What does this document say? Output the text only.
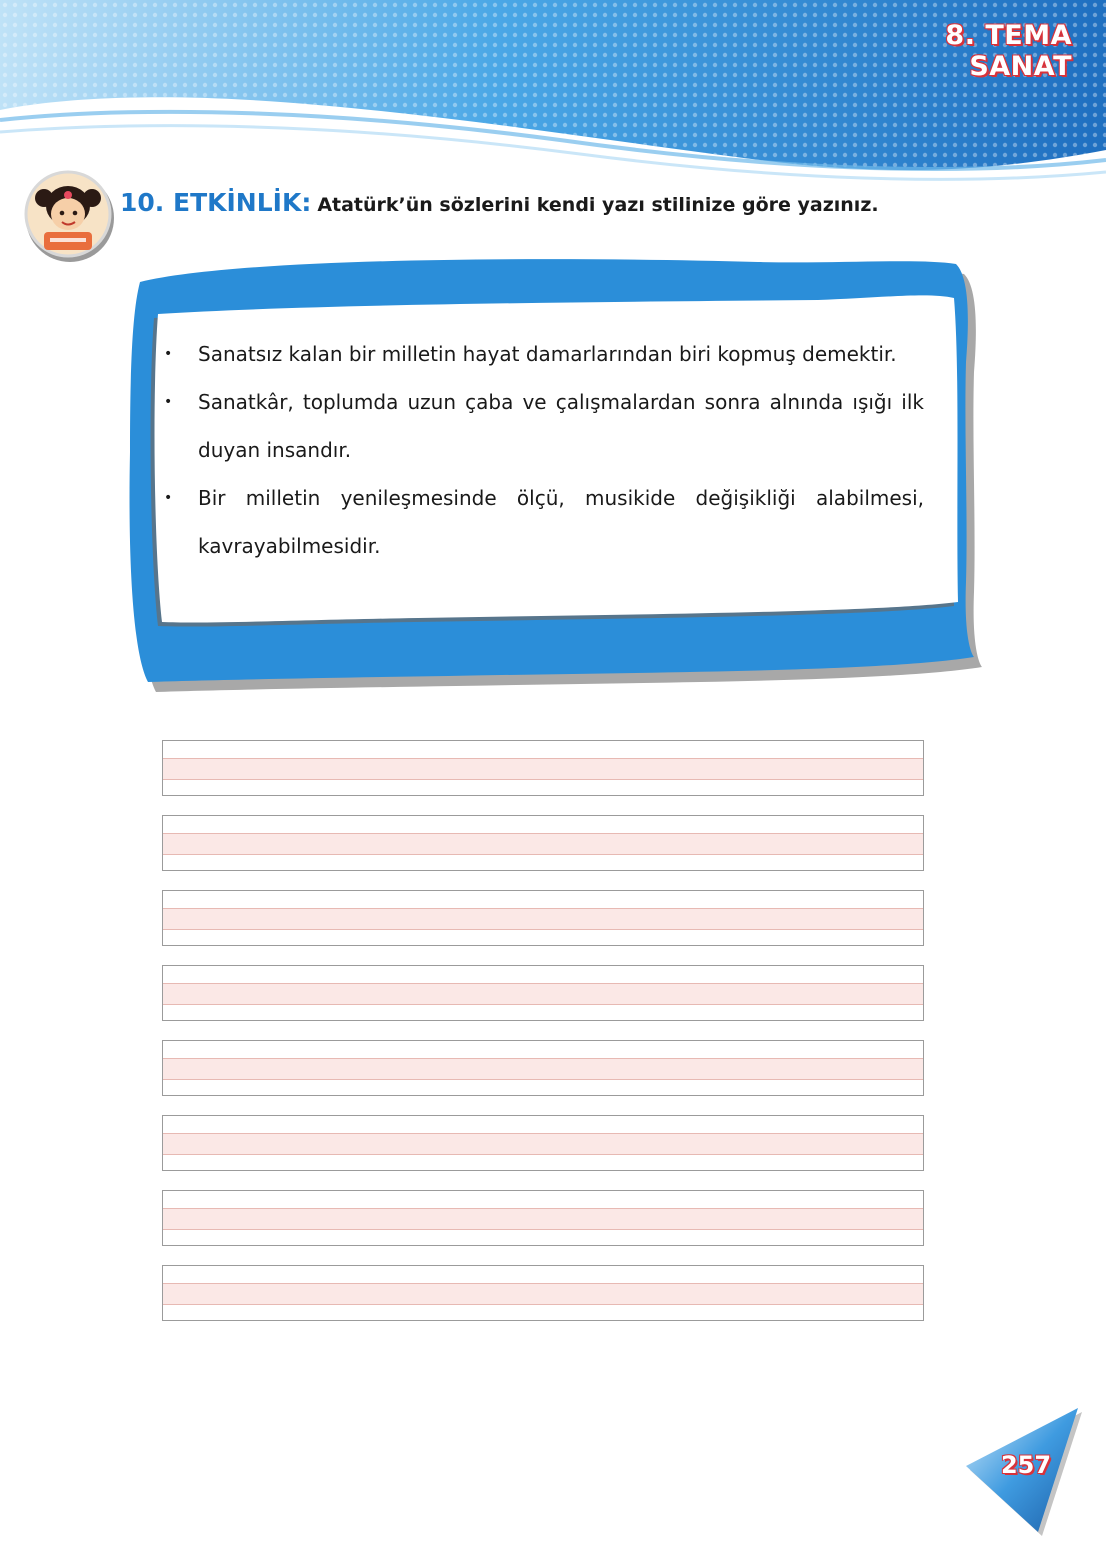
8. TEMA
SANAT
10. ETKİNLİK: Atatürk’ün sözlerini kendi yazı stilinize göre yazınız.
• Sanatsız kalan bir milletin hayat damarlarından biri kopmuş demektir.
• Sanatkâr, toplumda uzun çaba ve çalışmalardan sonra alnında ışığı ilk duyan insandır.
• Bir milletin yenileşmesinde ölçü, musikide değişikliği alabilmesi, kavrayabilmesidir.
257
